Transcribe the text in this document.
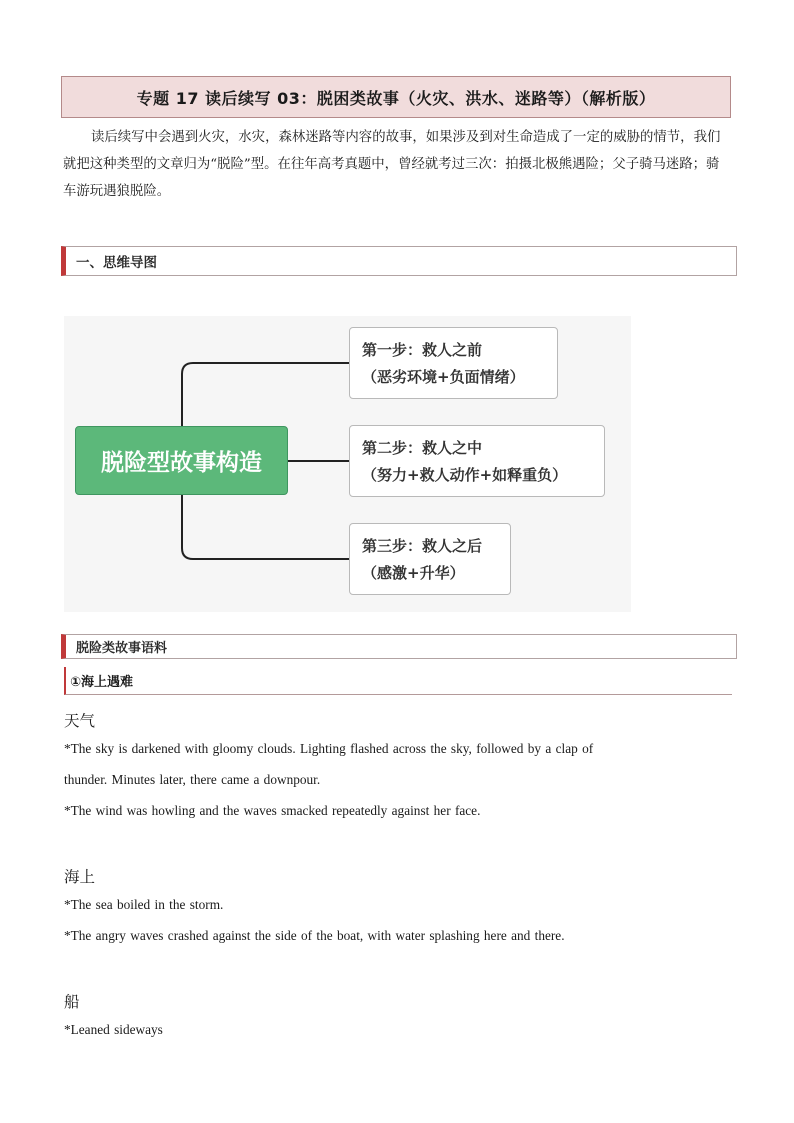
专题 17 读后续写 03：脱困类故事（火灾、洪水、迷路等）（解析版）
读后续写中会遇到火灾，水灾，森林迷路等内容的故事，如果涉及到对生命造成了一定的威胁的情节，我们就把这种类型的文章归为“脱险”型。在往年高考真题中，曾经就考过三次：拍摄北极熊遇险；父子骑马迷路；骑车游玩遇狼脱险。
一、思维导图
脱险型故事构造
第一步：救人之前
（恶劣环境+负面情绪）
第二步：救人之中
（努力+救人动作+如释重负）
第三步：救人之后
（感激+升华）
脱险类故事语料
①海上遇难
天气
*The sky is darkened with gloomy clouds. Lighting flashed across the sky, followed by a clap of
thunder. Minutes later, there came a downpour.
*The wind was howling and the waves smacked repeatedly against her face.
海上
*The sea boiled in the storm.
*The angry waves crashed against the side of the boat, with water splashing here and there.
船
*Leaned sideways
